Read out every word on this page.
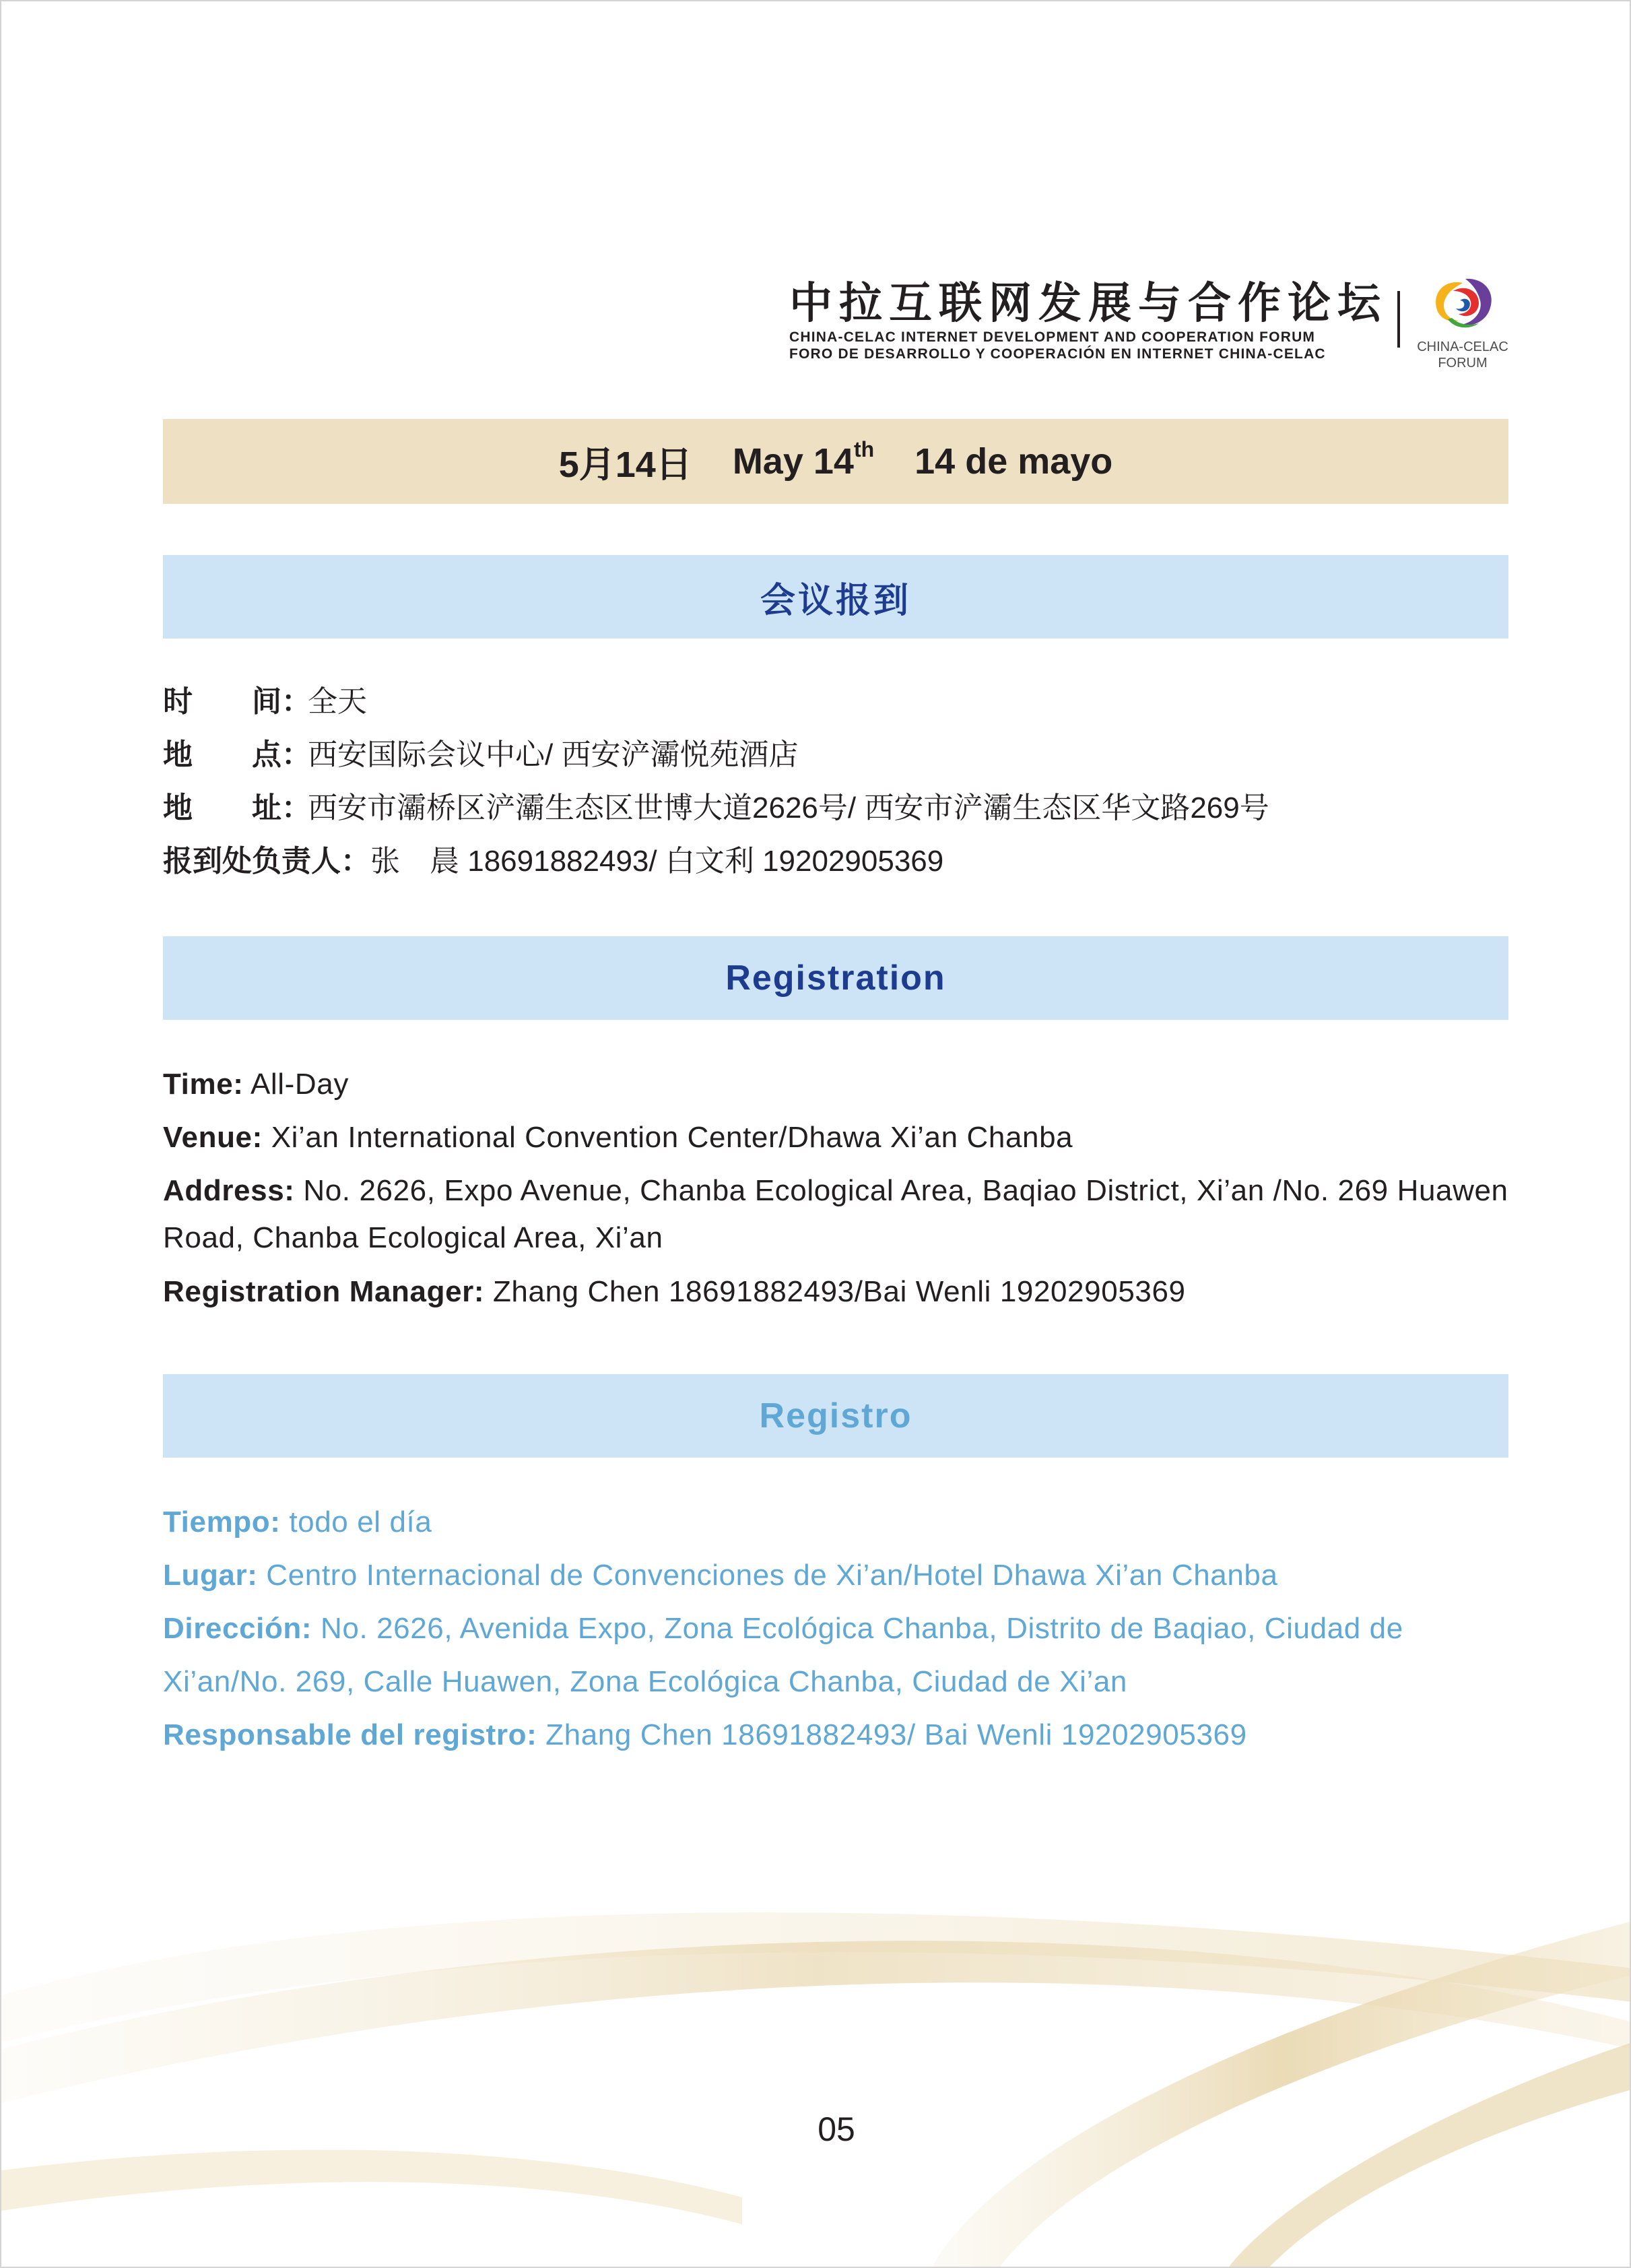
中拉互联网发展与合作论坛
CHINA-CELAC INTERNET DEVELOPMENT AND COOPERATION FORUM
FORO DE DESARROLLO Y COOPERACIÓN EN INTERNET CHINA-CELAC	CHINA-CELAC
FORUM
5月14日 May 14th 14 de mayo
会议报到
时　　间：全天
地　　点：西安国际会议中心/ 西安浐灞悦苑酒店
地　　址：西安市灞桥区浐灞生态区世博大道2626号/ 西安市浐灞生态区华文路269号
报到处负责人：张　晨 18691882493/ 白文利 19202905369
Registration
Time: All-Day
Venue: Xi’an International Convention Center/Dhawa Xi’an Chanba
Address: No. 2626, Expo Avenue, Chanba Ecological Area, Baqiao District, Xi’an /No. 269 Huawen Road, Chanba Ecological Area, Xi’an
Registration Manager: Zhang Chen 18691882493/Bai Wenli 19202905369
Registro
Tiempo: todo el día
Lugar: Centro Internacional de Convenciones de Xi’an/Hotel Dhawa Xi’an Chanba
Dirección: No. 2626, Avenida Expo, Zona Ecológica Chanba, Distrito de Baqiao, Ciudad de Xi’an/No. 269, Calle Huawen, Zona Ecológica Chanba, Ciudad de Xi’an
Responsable del registro: Zhang Chen 18691882493/ Bai Wenli 19202905369
05
